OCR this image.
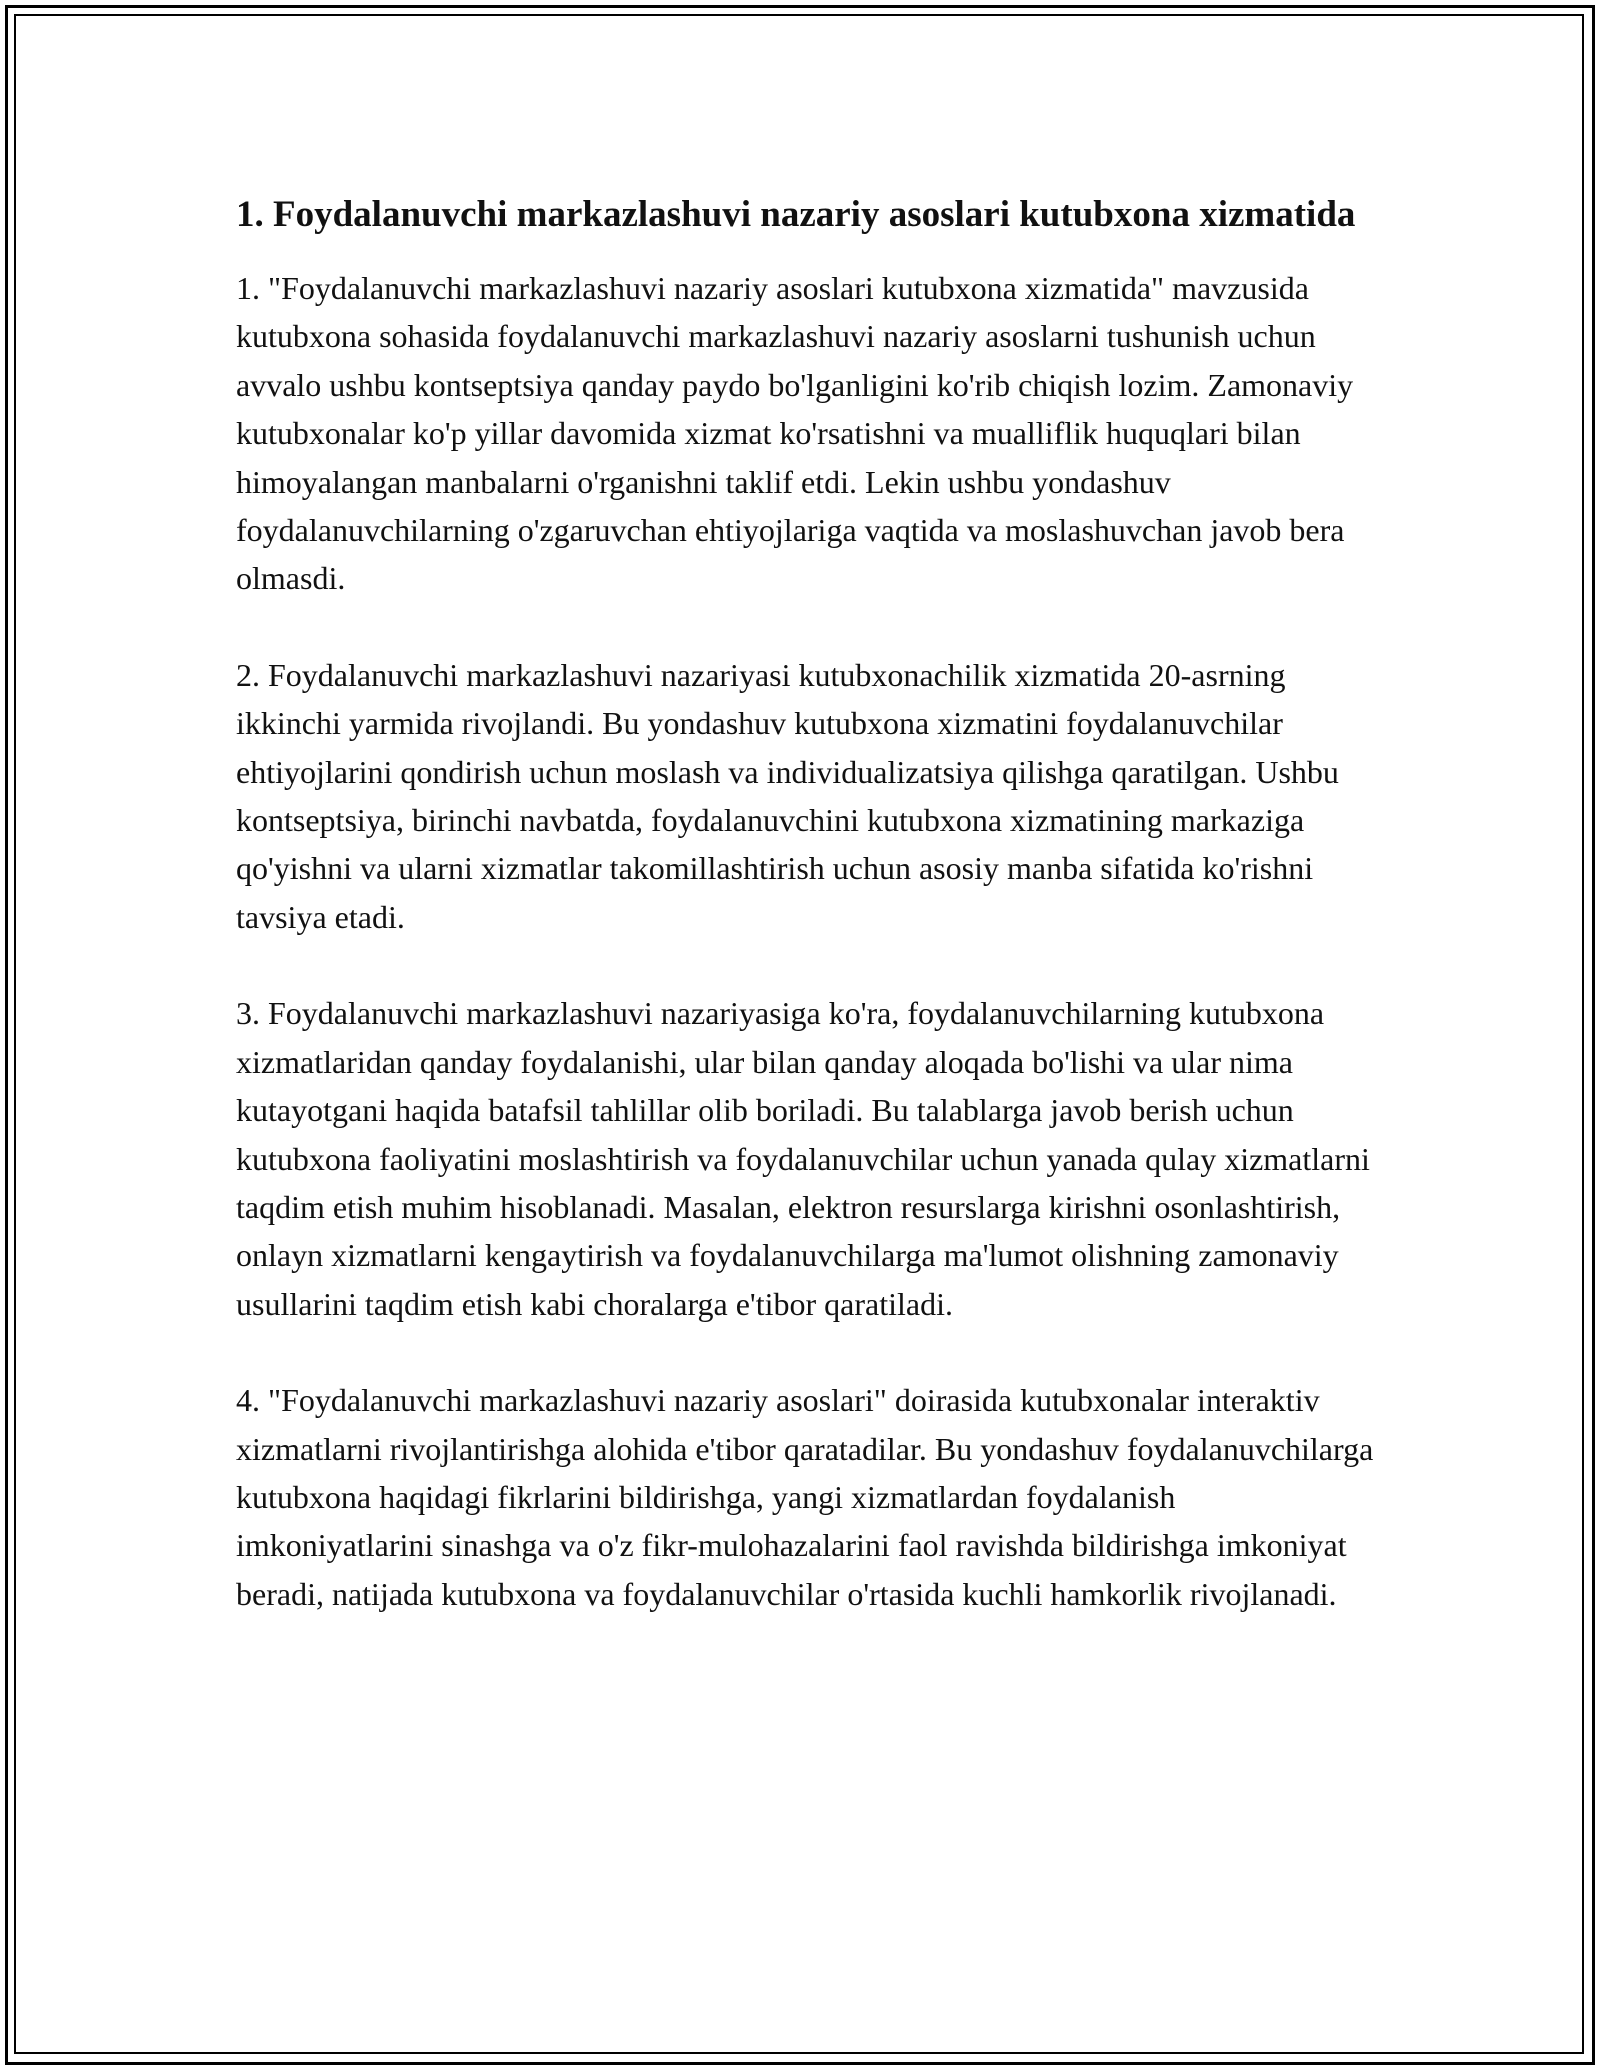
1. Foydalanuvchi markazlashuvi nazariy asoslari kutubxona xizmatida

1. "Foydalanuvchi markazlashuvi nazariy asoslari kutubxona xizmatida" mavzusida kutubxona sohasida foydalanuvchi markazlashuvi nazariy asoslarni tushunish uchun avvalo ushbu kontseptsiya qanday paydo bo'lganligini ko'rib chiqish lozim. Zamonaviy kutubxonalar ko'p yillar davomida xizmat ko'rsatishni va mualliflik huquqlari bilan himoyalangan manbalarni o'rganishni taklif etdi. Lekin ushbu yondashuv foydalanuvchilarning o'zgaruvchan ehtiyojlariga vaqtida va moslashuvchan javob bera olmasdi.

2. Foydalanuvchi markazlashuvi nazariyasi kutubxonachilik xizmatida 20-asrning ikkinchi yarmida rivojlandi. Bu yondashuv kutubxona xizmatini foydalanuvchilar ehtiyojlarini qondirish uchun moslash va individualizatsiya qilishga qaratilgan. Ushbu kontseptsiya, birinchi navbatda, foydalanuvchini kutubxona xizmatining markaziga qo'yishni va ularni xizmatlar takomillashtirish uchun asosiy manba sifatida ko'rishni tavsiya etadi.

3. Foydalanuvchi markazlashuvi nazariyasiga ko'ra, foydalanuvchilarning kutubxona xizmatlaridan qanday foydalanishi, ular bilan qanday aloqada bo'lishi va ular nima kutayotgani haqida batafsil tahlillar olib boriladi. Bu talablarga javob berish uchun kutubxona faoliyatini moslashtirish va foydalanuvchilar uchun yanada qulay xizmatlarni taqdim etish muhim hisoblanadi. Masalan, elektron resurslarga kirishni osonlashtirish, onlayn xizmatlarni kengaytirish va foydalanuvchilarga ma'lumot olishning zamonaviy usullarini taqdim etish kabi choralarga e'tibor qaratiladi.

4. "Foydalanuvchi markazlashuvi nazariy asoslari" doirasida kutubxonalar interaktiv xizmatlarni rivojlantirishga alohida e'tibor qaratadilar. Bu yondashuv foydalanuvchilarga kutubxona haqidagi fikrlarini bildirishga, yangi xizmatlardan foydalanish imkoniyatlarini sinashga va o'z fikr-mulohazalarini faol ravishda bildirishga imkoniyat beradi, natijada kutubxona va foydalanuvchilar o'rtasida kuchli hamkorlik rivojlanadi.
